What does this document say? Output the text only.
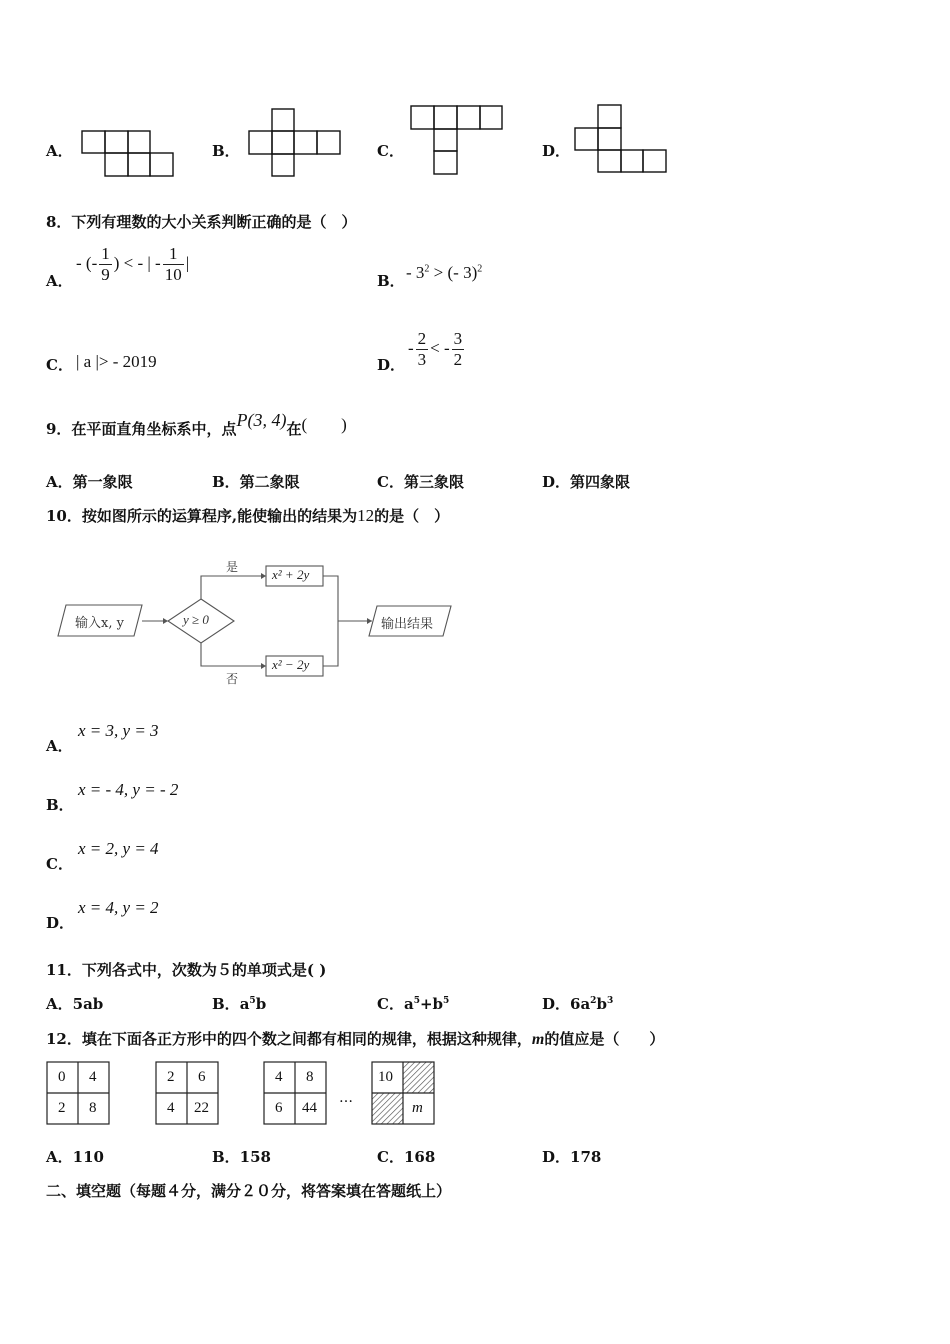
A．	B．	C．	D．
8．下列有理数的大小关系判断正确的是（　）
A．
- (- $\frac{1}{9}$ ) < - | - $\frac{1}{10}$ |
B． - $3^2$ > (- 3)$^2$
C． | a |> - 2019	D．
- $\frac{2}{3}$ < - $\frac{3}{2}$
9．在平面直角坐标系中，点P(3, 4)在(　　)
A．第一象限	B．第二象限	C．第三象限	D．第四象限
10．按如图所示的运算程序,能使输出的结果为12的是（　）
输入x, y	y ≥ 0
是
否
x² + 2y
x² − 2y
输出结果
A．
x = 3, y = 3
B．
x = - 4, y = - 2
C．
x = 2, y = 4
D．
x = 4, y = 2
11．下列各式中，次数为５的单项式是( )
A．5ab	B．$a^5b$	C．$a^5+b^5$	D．$6a^2b^3$
12．填在下面各正方形中的四个数之间都有相同的规律，根据这种规律，m的值应是（　　）
0 4
2 8
2 6
4 22
4 8
6 44
…
10
m
A．110	B．158	C．168	D．178
二、填空题（每题４分，满分２０分，将答案填在答题纸上）
